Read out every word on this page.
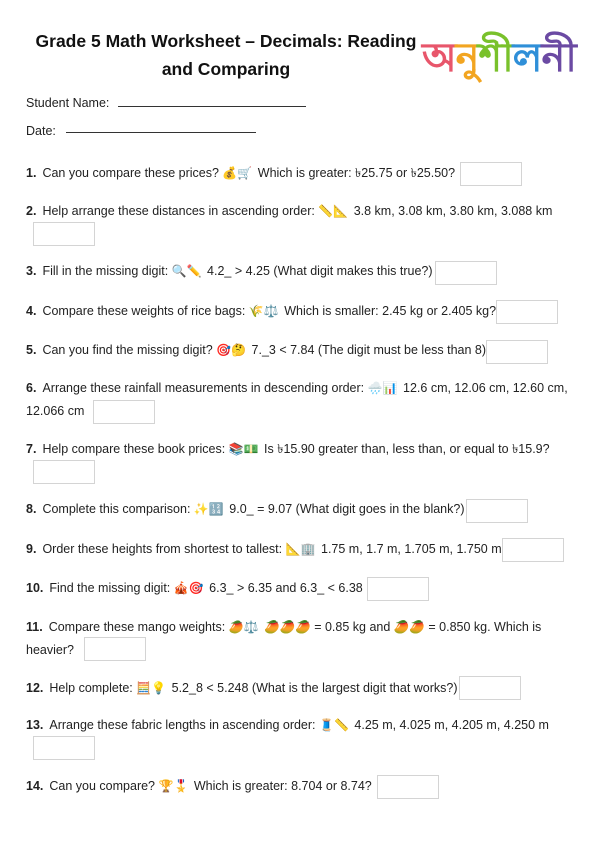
Grade 5 Math Worksheet – Decimals: Reading
and Comparing	অনুশীলনী
Student Name:
Date:
1. Can you compare these prices? 💰🛒 Which is greater: ৳25.75 or ৳25.50?
2. Help arrange these distances in ascending order: 📏📐 3.8 km, 3.08 km, 3.80 km, 3.088 km
3. Fill in the missing digit: 🔍✏️ 4.2_ > 4.25 (What digit makes this true?)
4. Compare these weights of rice bags: 🌾⚖️ Which is smaller: 2.45 kg or 2.405 kg?
5. Can you find the missing digit? 🎯🤔 7._3 < 7.84 (The digit must be less than 8)
6. Arrange these rainfall measurements in descending order: 🌧️📊 12.6 cm, 12.06 cm, 12.60 cm,
12.066 cm
7. Help compare these book prices: 📚💵 Is ৳15.90 greater than, less than, or equal to ৳15.9?
8. Complete this comparison: ✨🔢 9.0_ = 9.07 (What digit goes in the blank?)
9. Order these heights from shortest to tallest: 📐🏢 1.75 m, 1.7 m, 1.705 m, 1.750 m
10. Find the missing digit: 🎪🎯 6.3_ > 6.35 and 6.3_ < 6.38
11. Compare these mango weights: 🥭⚖️ 🥭🥭🥭 = 0.85 kg and 🥭🥭 = 0.850 kg. Which is
heavier?
12. Help complete: 🧮💡 5.2_8 < 5.248 (What is the largest digit that works?)
13. Arrange these fabric lengths in ascending order: 🧵📏 4.25 m, 4.025 m, 4.205 m, 4.250 m
14. Can you compare? 🏆🎖️ Which is greater: 8.704 or 8.74?
